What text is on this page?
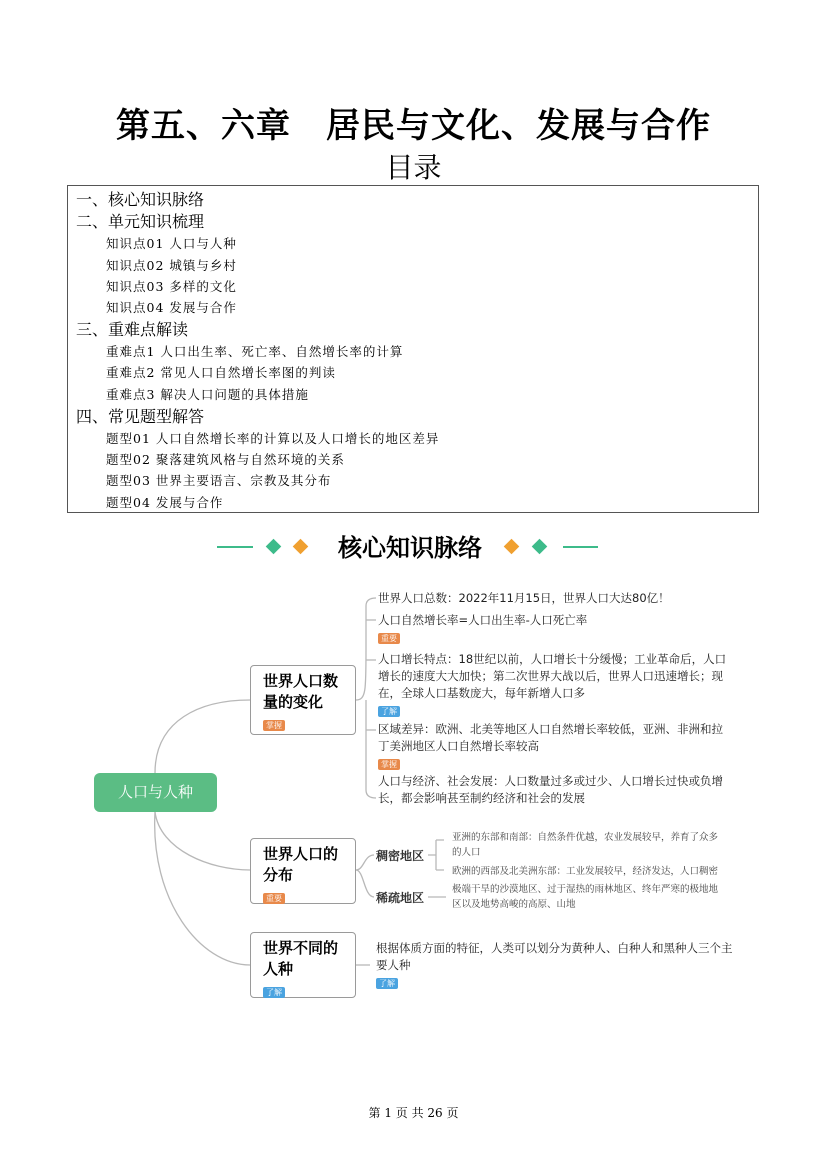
第五、六章　居民与文化、发展与合作
目录
一、核心知识脉络
二、单元知识梳理
知识点01 人口与人种
知识点02 城镇与乡村
知识点03 多样的文化
知识点04 发展与合作
三、重难点解读
重难点1 人口出生率、死亡率、自然增长率的计算
重难点2 常见人口自然增长率图的判读
重难点3 解决人口问题的具体措施
四、常见题型解答
题型01 人口自然增长率的计算以及人口增长的地区差异
题型02 聚落建筑风格与自然环境的关系
题型03 世界主要语言、宗教及其分布
题型04 发展与合作
核心知识脉络
人口与人种
世界人口数
量的变化
掌握
世界人口总数：2022年11月15日，世界人口大达80亿！
人口自然增长率=人口出生率-人口死亡率
重要
人口增长特点：18世纪以前，人口增长十分缓慢；工业革命后，人口增长的速度大大加快；第二次世界大战以后，世界人口迅速增长；现在，全球人口基数庞大，每年新增人口多
了解
区域差异：欧洲、北美等地区人口自然增长率较低，亚洲、非洲和拉丁美洲地区人口自然增长率较高
掌握
人口与经济、社会发展：人口数量过多或过少、人口增长过快或负增长，都会影响甚至制约经济和社会的发展
世界人口的
分布
重要
稠密地区
亚洲的东部和南部：自然条件优越，农业发展较早，养育了众多的人口
欧洲的西部及北美洲东部：工业发展较早，经济发达，人口稠密
稀疏地区
极端干旱的沙漠地区、过于湿热的雨林地区、终年严寒的极地地区以及地势高峻的高原、山地
世界不同的
人种
了解
根据体质方面的特征，人类可以划分为黄种人、白种人和黑种人三个主要人种
了解
第 1 页 共 26 页
